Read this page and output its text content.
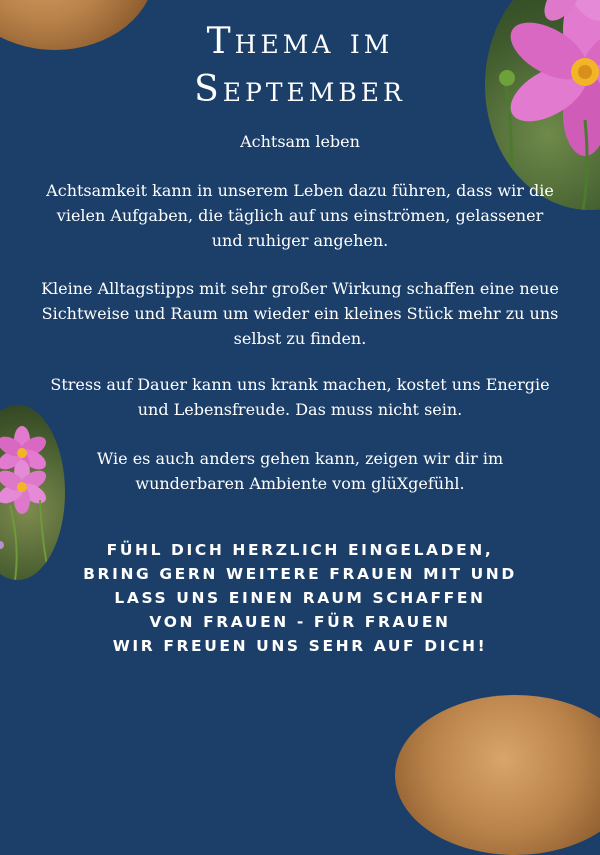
Thema im
September

Achtsam leben

Achtsamkeit kann in unserem Leben dazu führen, dass wir die vielen Aufgaben, die täglich auf uns einströmen, gelassener und ruhiger angehen.

Kleine Alltagstipps mit sehr großer Wirkung schaffen eine neue Sichtweise und Raum um wieder ein kleines Stück mehr zu uns selbst zu finden.

Stress auf Dauer kann uns krank machen, kostet uns Energie und Lebensfreude. Das muss nicht sein.

Wie es auch anders gehen kann, zeigen wir dir im wunderbaren Ambiente vom glüXgefühl.

FÜHL DICH HERZLICH EINGELADEN,
BRING GERN WEITERE FRAUEN MIT UND
LASS UNS EINEN RAUM SCHAFFEN
VON FRAUEN - FÜR FRAUEN
WIR FREUEN UNS SEHR AUF DICH!
